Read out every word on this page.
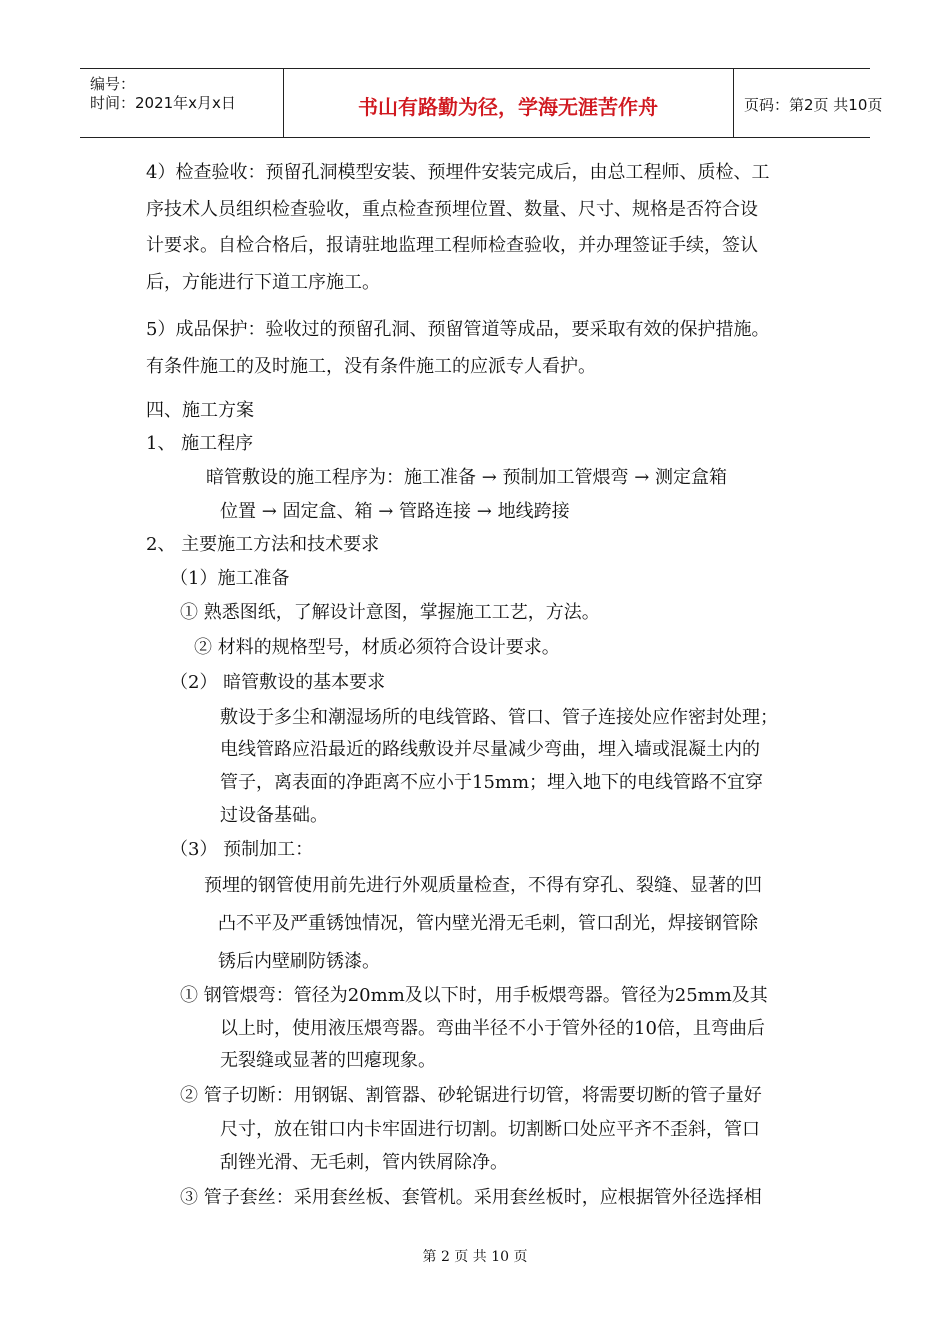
编号：
时间：2021年x月x日	书山有路勤为径，学海无涯苦作舟	页码：第2页 共10页
4）检查验收：预留孔洞模型安装、预埋件安装完成后，由总工程师、质检、工
序技术人员组织检查验收，重点检查预埋位置、数量、尺寸、规格是否符合设
计要求。自检合格后，报请驻地监理工程师检查验收，并办理签证手续，签认
后，方能进行下道工序施工。
5）成品保护：验收过的预留孔洞、预留管道等成品，要采取有效的保护措施。
有条件施工的及时施工，没有条件施工的应派专人看护。
四、施工方案
1、 施工程序
暗管敷设的施工程序为：施工准备 → 预制加工管煨弯 → 测定盒箱
位置 → 固定盒、箱 → 管路连接 → 地线跨接
2、 主要施工方法和技术要求
（1）施工准备
① 熟悉图纸，了解设计意图，掌握施工工艺，方法。
② 材料的规格型号，材质必须符合设计要求。
（2） 暗管敷设的基本要求
敷设于多尘和潮湿场所的电线管路、管口、管子连接处应作密封处理；
电线管路应沿最近的路线敷设并尽量减少弯曲，埋入墙或混凝土内的
管子，离表面的净距离不应小于15mm；埋入地下的电线管路不宜穿
过设备基础。
（3） 预制加工：
预埋的钢管使用前先进行外观质量检查，不得有穿孔、裂缝、显著的凹
凸不平及严重锈蚀情况，管内壁光滑无毛刺，管口刮光，焊接钢管除
锈后内壁刷防锈漆。
① 钢管煨弯：管径为20mm及以下时，用手板煨弯器。管径为25mm及其
以上时，使用液压煨弯器。弯曲半径不小于管外径的10倍，且弯曲后
无裂缝或显著的凹瘪现象。
② 管子切断：用钢锯、割管器、砂轮锯进行切管，将需要切断的管子量好
尺寸，放在钳口内卡牢固进行切割。切割断口处应平齐不歪斜，管口
刮锉光滑、无毛刺，管内铁屑除净。
③ 管子套丝：采用套丝板、套管机。采用套丝板时，应根据管外径选择相
第 2 页 共 10 页
